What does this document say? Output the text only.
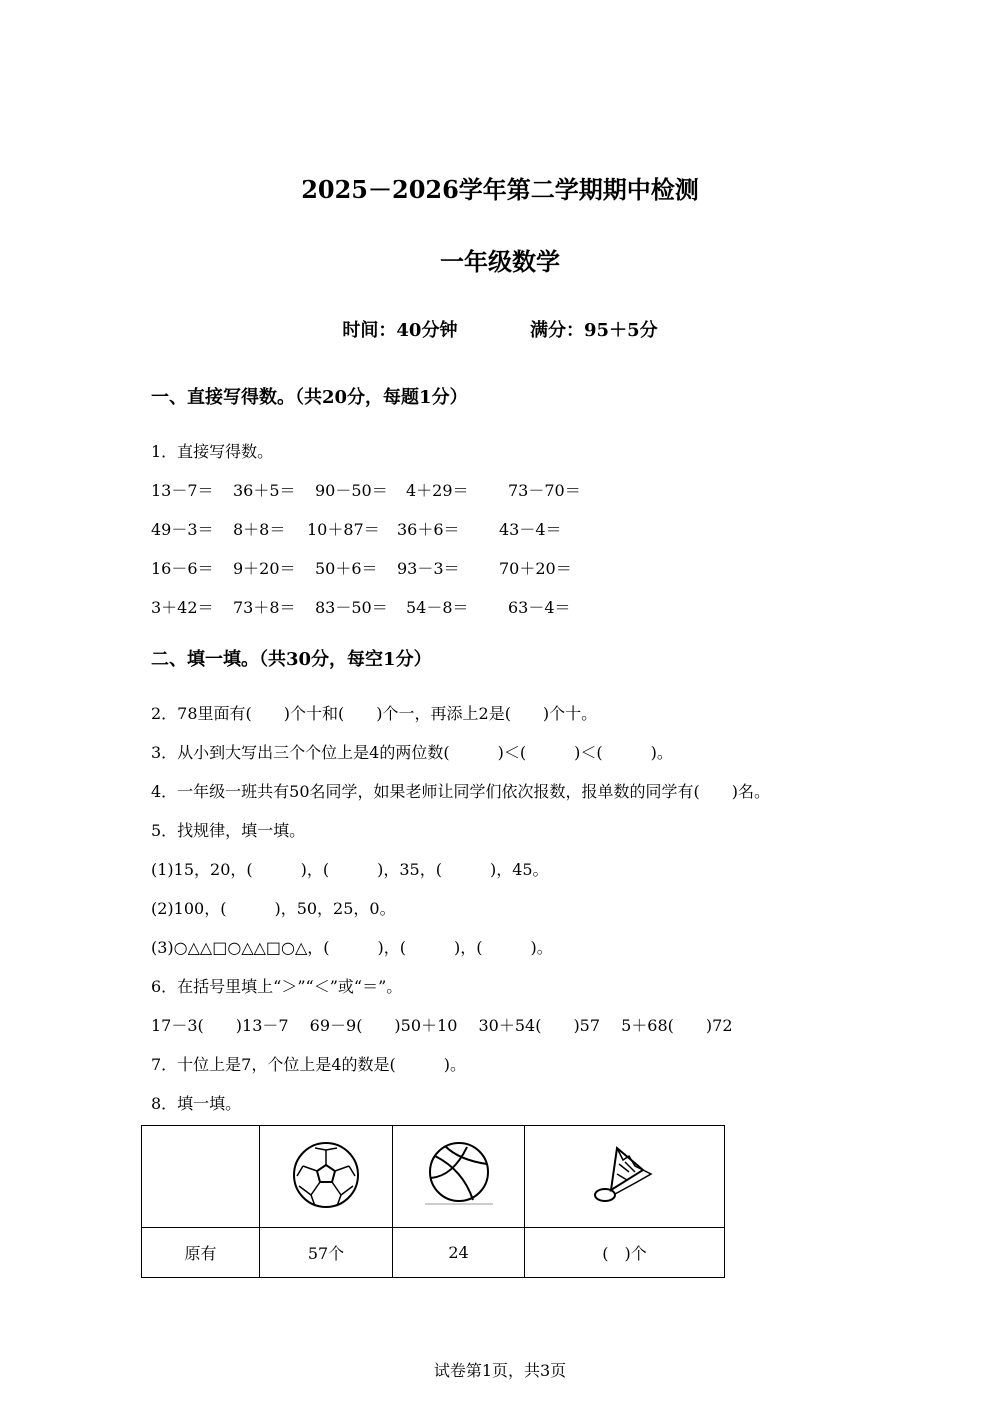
2025－2026学年第二学期期中检测
一年级数学
时间：40分钟	满分：95＋5分
一、直接写得数。（共20分，每题1分）
1．直接写得数。
13－7＝	36＋5＝	90－50＝	4＋29＝	73－70＝
49－3＝	8＋8＝	10＋87＝	36＋6＝	43－4＝
16－6＝	9＋20＝	50＋6＝	93－3＝	70＋20＝
3＋42＝	73＋8＝	83－50＝	54－8＝	63－4＝
二、填一填。（共30分，每空1分）
2．78里面有(　　)个十和(　　)个一，再添上2是(　　)个十。
3．从小到大写出三个个位上是4的两位数(　　　)＜(　　　)＜(　　　)。
4．一年级一班共有50名同学，如果老师让同学们依次报数，报单数的同学有(　　)名。
5．找规律，填一填。
(1)15，20，(　　　)，(　　　)，35，(　　　)，45。
(2)100，(　　　)，50，25，0。
(3)○△△□○△△□○△，(　　　)，(　　　)，(　　　)。
6．在括号里填上“＞”“＜”或“＝”。
17－3(　　)13－7　 69－9(　　)50＋10　 30＋54(　　)57　 5＋68(　　)72
7．十位上是7，个位上是4的数是(　　　)。
8．填一填。

原有	57个	24	(　)个
试卷第1页，共3页
